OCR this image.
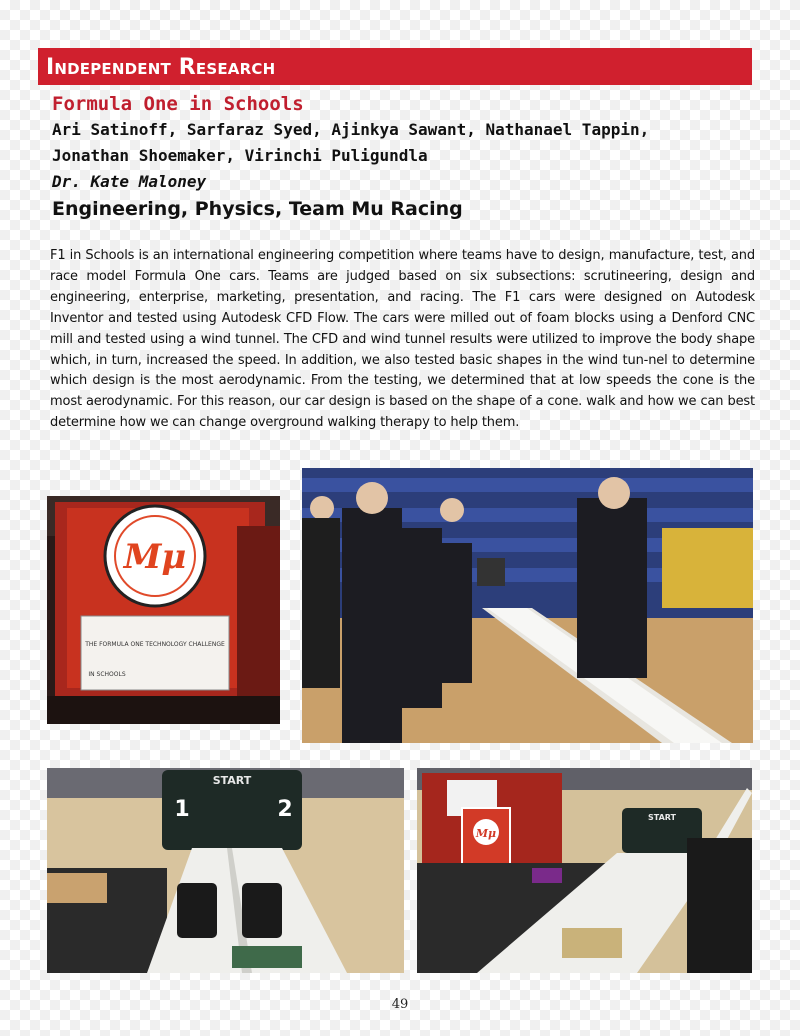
Independent Research
Formula One in Schools
Ari Satinoff, Sarfaraz Syed, Ajinkya Sawant, Nathanael Tappin,
Jonathan Shoemaker, Virinchi Puligundla
Dr. Kate Maloney
Engineering, Physics, Team Mu Racing

F1 in Schools is an international engineering competition where teams have to design, manufacture, test, and race model Formula One cars. Teams are judged based on six subsections: scrutineering, design and engineering, enterprise, marketing, presentation, and racing. The F1 cars were designed on Autodesk Inventor and tested using Autodesk CFD Flow. The cars were milled out of foam blocks using a Denford CNC mill and tested using a wind tunnel. The CFD and wind tunnel results were utilized to improve the body shape which, in turn, increased the speed. In addition, we also tested basic shapes in the wind tun-nel to determine which design is the most aerodynamic. From the testing, we determined that at low speeds the cone is the most aerodynamic. For this reason, our car design is based on the shape of a cone. walk and how we can best determine how we can change overground walking therapy to help them.

Mμ
THE FORMULA ONE TECHNOLOGY CHALLENGE
IN SCHOOLS
START
1	2
Mμ
START
49
